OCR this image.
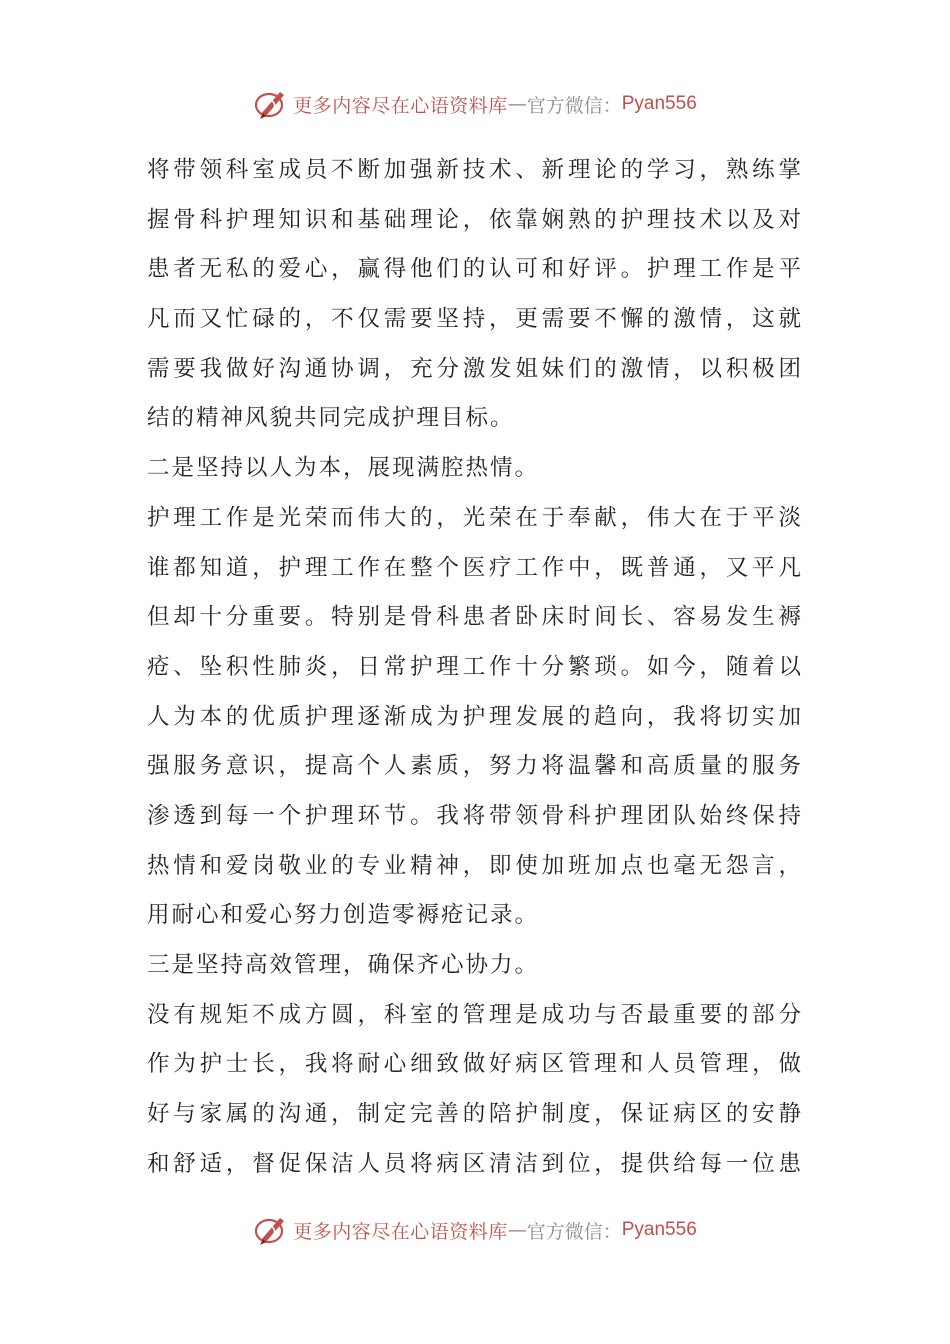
更多内容尽在心语资料库 — 官方微信： Pyan556
将带领科室成员不断加强新技术、新理论的学习，熟练掌
握骨科护理知识和基础理论，依靠娴熟的护理技术以及对
患者无私的爱心，赢得他们的认可和好评。护理工作是平
凡而又忙碌的，不仅需要坚持，更需要不懈的激情，这就
需要我做好沟通协调，充分激发姐妹们的激情，以积极团
结的精神风貌共同完成护理目标。
二是坚持以人为本，展现满腔热情。
护理工作是光荣而伟大的，光荣在于奉献，伟大在于平淡
谁都知道，护理工作在整个医疗工作中，既普通，又平凡
但却十分重要。特别是骨科患者卧床时间长、容易发生褥
疮、坠积性肺炎，日常护理工作十分繁琐。如今，随着以
人为本的优质护理逐渐成为护理发展的趋向，我将切实加
强服务意识，提高个人素质，努力将温馨和高质量的服务
渗透到每一个护理环节。我将带领骨科护理团队始终保持
热情和爱岗敬业的专业精神，即使加班加点也毫无怨言，
用耐心和爱心努力创造零褥疮记录。
三是坚持高效管理，确保齐心协力。
没有规矩不成方圆，科室的管理是成功与否最重要的部分
作为护士长，我将耐心细致做好病区管理和人员管理，做
好与家属的沟通，制定完善的陪护制度，保证病区的安静
和舒适，督促保洁人员将病区清洁到位，提供给每一位患
更多内容尽在心语资料库 — 官方微信： Pyan556
